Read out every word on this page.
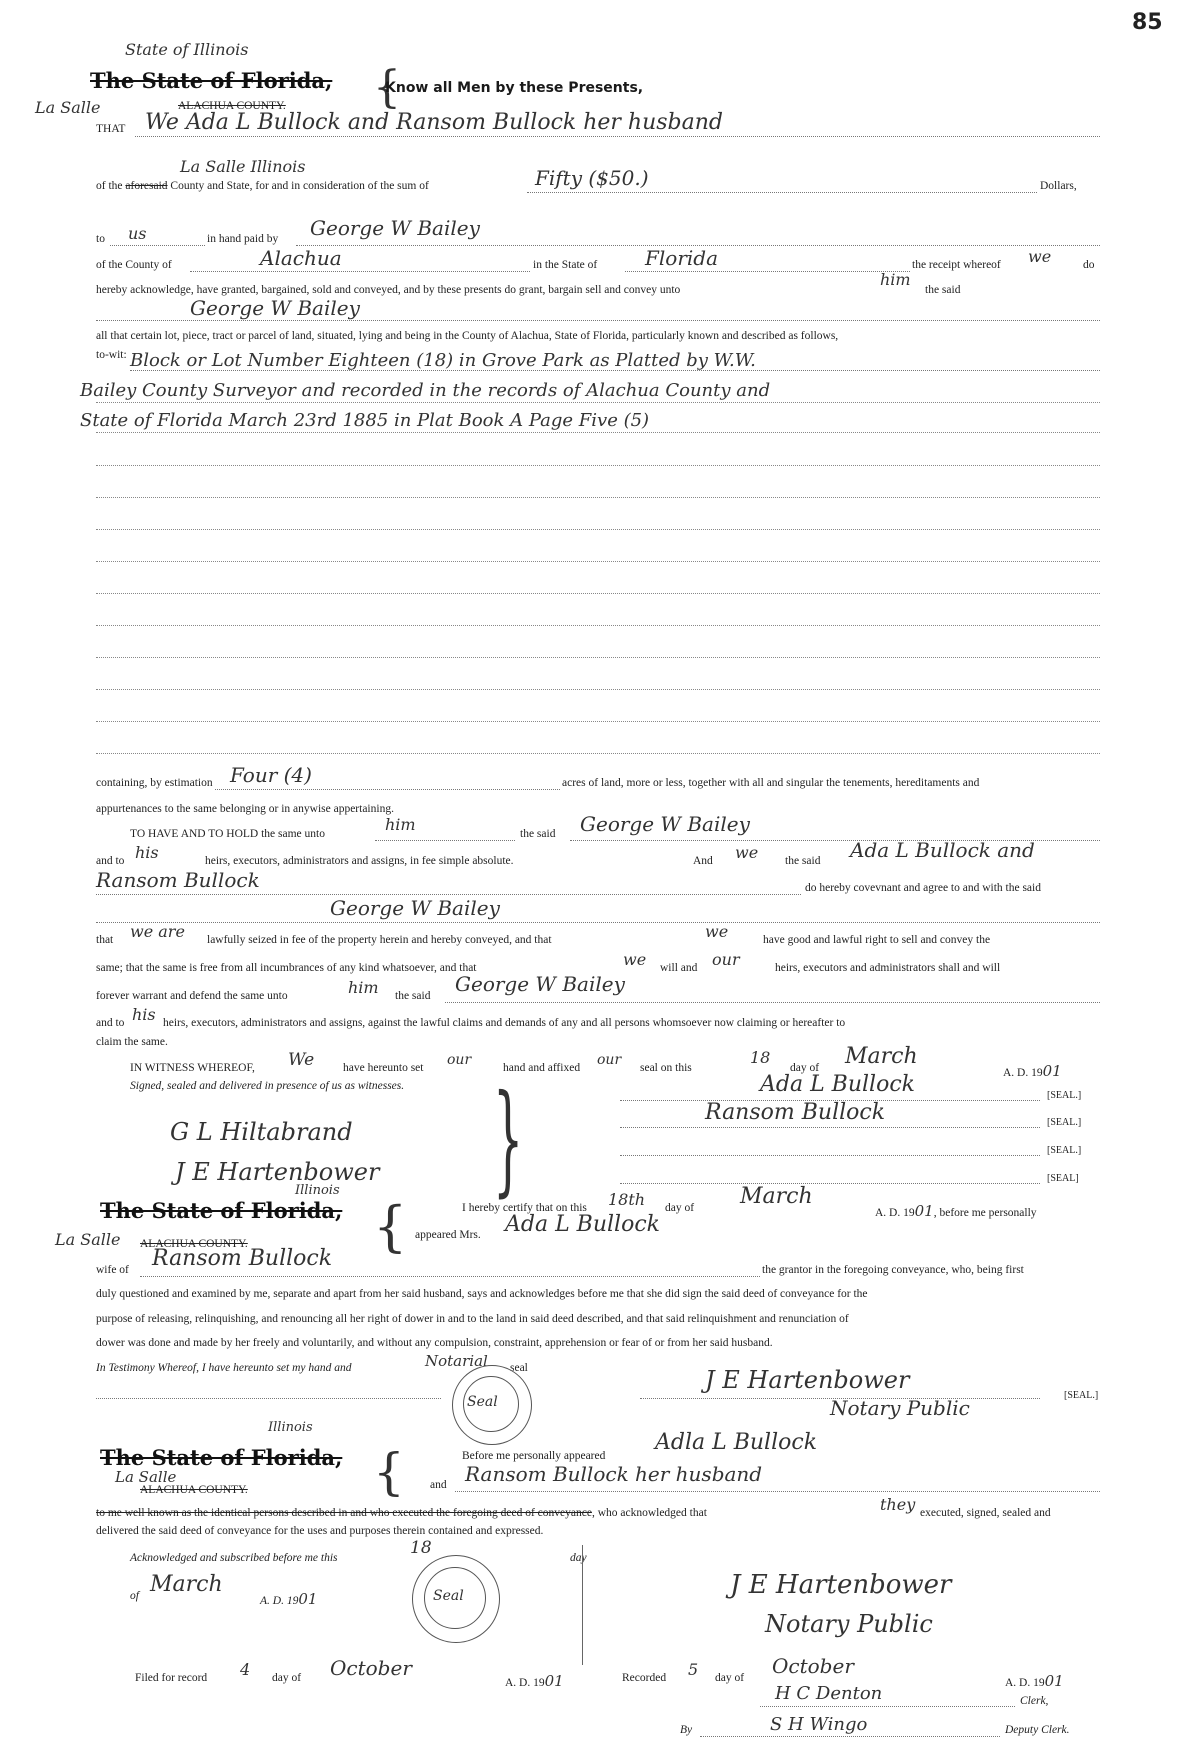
85
State of Illinois
The State of Florida, {
Know all Men by these Presents,
La Salle	ALACHUA COUNTY.
THAT We Ada L Bullock and Ransom Bullock her husband
La Salle Illinois
of the aforesaid County and State, for and in consideration of the sum of	Fifty ($50.)	Dollars,
to us	in hand paid by George W Bailey
of the County of	Alachua	in the State of Florida	the receipt whereof we	do
hereby acknowledge, have granted, bargained, sold and conveyed, and by these presents do grant, bargain sell and convey unto
him
the said
George W Bailey
all that certain lot, piece, tract or parcel of land, situated, lying and being in the County of Alachua, State of Florida, particularly known and described as follows,
to-wit: Block or Lot Number Eighteen (18) in Grove Park as Platted by W.W.
Bailey County Surveyor and recorded in the records of Alachua County and
State of Florida March 23rd 1885 in Plat Book A Page Five (5)
containing, by estimation Four (4)	acres of land, more or less, together with all and singular the tenements, hereditaments and
appurtenances to the same belonging or in anywise appertaining.
TO HAVE AND TO HOLD the same unto	him	the said George W Bailey
and to his	heirs, executors, administrators and assigns, in fee simple absolute.	And we the said Ada L Bullock and
Ransom Bullock	do hereby covevnant and agree to and with the said
George W Bailey
that we are lawfully seized in fee of the property herein and hereby conveyed, and that	we	have good and lawful right to sell and convey the
same; that the same is free from all incumbrances of any kind whatsoever, and that	we will and our	heirs, executors and administrators shall and will
forever warrant and defend the same unto	him the said George W Bailey
and to his heirs, executors, administrators and assigns, against the lawful claims and demands of any and all persons whomsoever now claiming or hereafter to
claim the same.
IN WITNESS WHEREOF, We	have hereunto set our	hand and affixed our seal on this
18
day of March
A. D. 1901
Signed, sealed and delivered in presence of us as witnesses. }
G L Hiltabrand
J E Hartenbower
Ada L Bullock	[SEAL.]
Ransom Bullock	[SEAL.]
[SEAL.]
[SEAL]
Illinois
The State of Florida,
La Salle ALACHUA COUNTY. {	I hereby certify that on this 18th day of March
A. D. 1901, before me personally
appeared Mrs. Ada L Bullock
wife of Ransom Bullock	the grantor in the foregoing conveyance, who, being first
duly questioned and examined by me, separate and apart from her said husband, says and acknowledges before me that she did sign the said deed of conveyance for the
purpose of releasing, relinquishing, and renouncing all her right of dower in and to the land in said deed described, and that said relinquishment and renunciation of
dower was done and made by her freely and voluntarily, and without any compulsion, constraint, apprehension or fear of or from her said husband.
In Testimony Whereof, I have hereunto set my hand and	Notarial seal
Seal
J E Hartenbower
Notary Public
[SEAL.]
Illinois
The State of Florida,
La Salle
ALACHUA COUNTY.	{	Before me personally appeared
Adla L Bullock
and Ransom Bullock her husband
to me well known as the identical persons described in and who executed the foregoing deed of conveyance, who acknowledged that	they executed, signed, sealed and
delivered the said deed of conveyance for the uses and purposes therein contained and expressed.
Acknowledged and subscribed before me this	18	day
of March
A. D. 1901	Seal	J E Hartenbower
Notary Public
Filed for record 4 day of October
A. D. 1901	Recorded 5 day of October
A. D. 1901
H C Denton	Clerk,
By	S H Wingo	Deputy Clerk.
